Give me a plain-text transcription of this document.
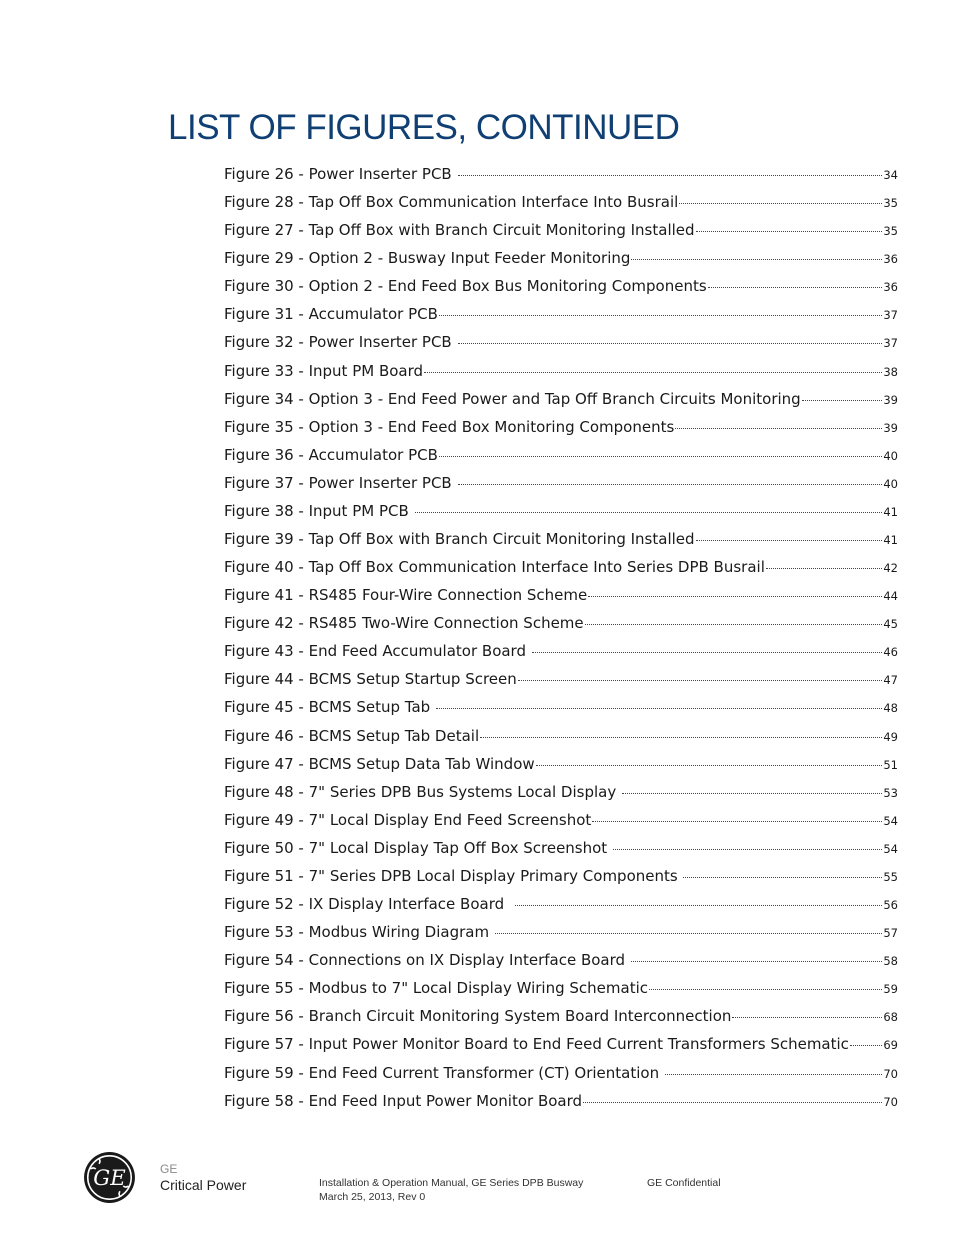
LIST OF FIGURES, CONTINUED
Figure 26 - Power Inserter PCB	34
Figure 28 - Tap Off Box Communication Interface Into Busrail	35
Figure 27 - Tap Off Box with Branch Circuit Monitoring Installed	35
Figure 29 - Option 2 - Busway Input Feeder Monitoring	36
Figure 30 - Option 2 - End Feed Box Bus Monitoring Components	36
Figure 31 - Accumulator PCB	37
Figure 32 - Power Inserter PCB	37
Figure 33 - Input PM Board	38
Figure 34 - Option 3 - End Feed Power and Tap Off Branch Circuits Monitoring	39
Figure 35 - Option 3 - End Feed Box Monitoring Components	39
Figure 36 - Accumulator PCB	40
Figure 37 - Power Inserter PCB	40
Figure 38 - Input PM PCB	41
Figure 39 - Tap Off Box with Branch Circuit Monitoring Installed	41
Figure 40 - Tap Off Box Communication Interface Into Series DPB Busrail	42
Figure 41 - RS485 Four-Wire Connection Scheme	44
Figure 42 - RS485 Two-Wire Connection Scheme	45
Figure 43 - End Feed Accumulator Board	46
Figure 44 - BCMS Setup Startup Screen	47
Figure 45 - BCMS Setup Tab	48
Figure 46 - BCMS Setup Tab Detail	49
Figure 47 - BCMS Setup Data Tab Window	51
Figure 48 - 7" Series DPB Bus Systems Local Display	53
Figure 49 - 7" Local Display End Feed Screenshot	54
Figure 50 - 7" Local Display Tap Off Box Screenshot	54
Figure 51 - 7" Series DPB Local Display Primary Components	55
Figure 52 - IX Display Interface Board	56
Figure 53 - Modbus Wiring Diagram	57
Figure 54 - Connections on IX Display Interface Board	58
Figure 55 - Modbus to 7" Local Display Wiring Schematic	59
Figure 56 - Branch Circuit Monitoring System Board Interconnection	68
Figure 57 - Input Power Monitor Board to End Feed Current Transformers Schematic	69
Figure 59 - End Feed Current Transformer (CT) Orientation	70
Figure 58 - End Feed Input Power Monitor Board	70
GE	GE
Critical Power	Installation & Operation Manual, GE Series DPB Busway
March 25, 2013, Rev 0
GE Confidential
